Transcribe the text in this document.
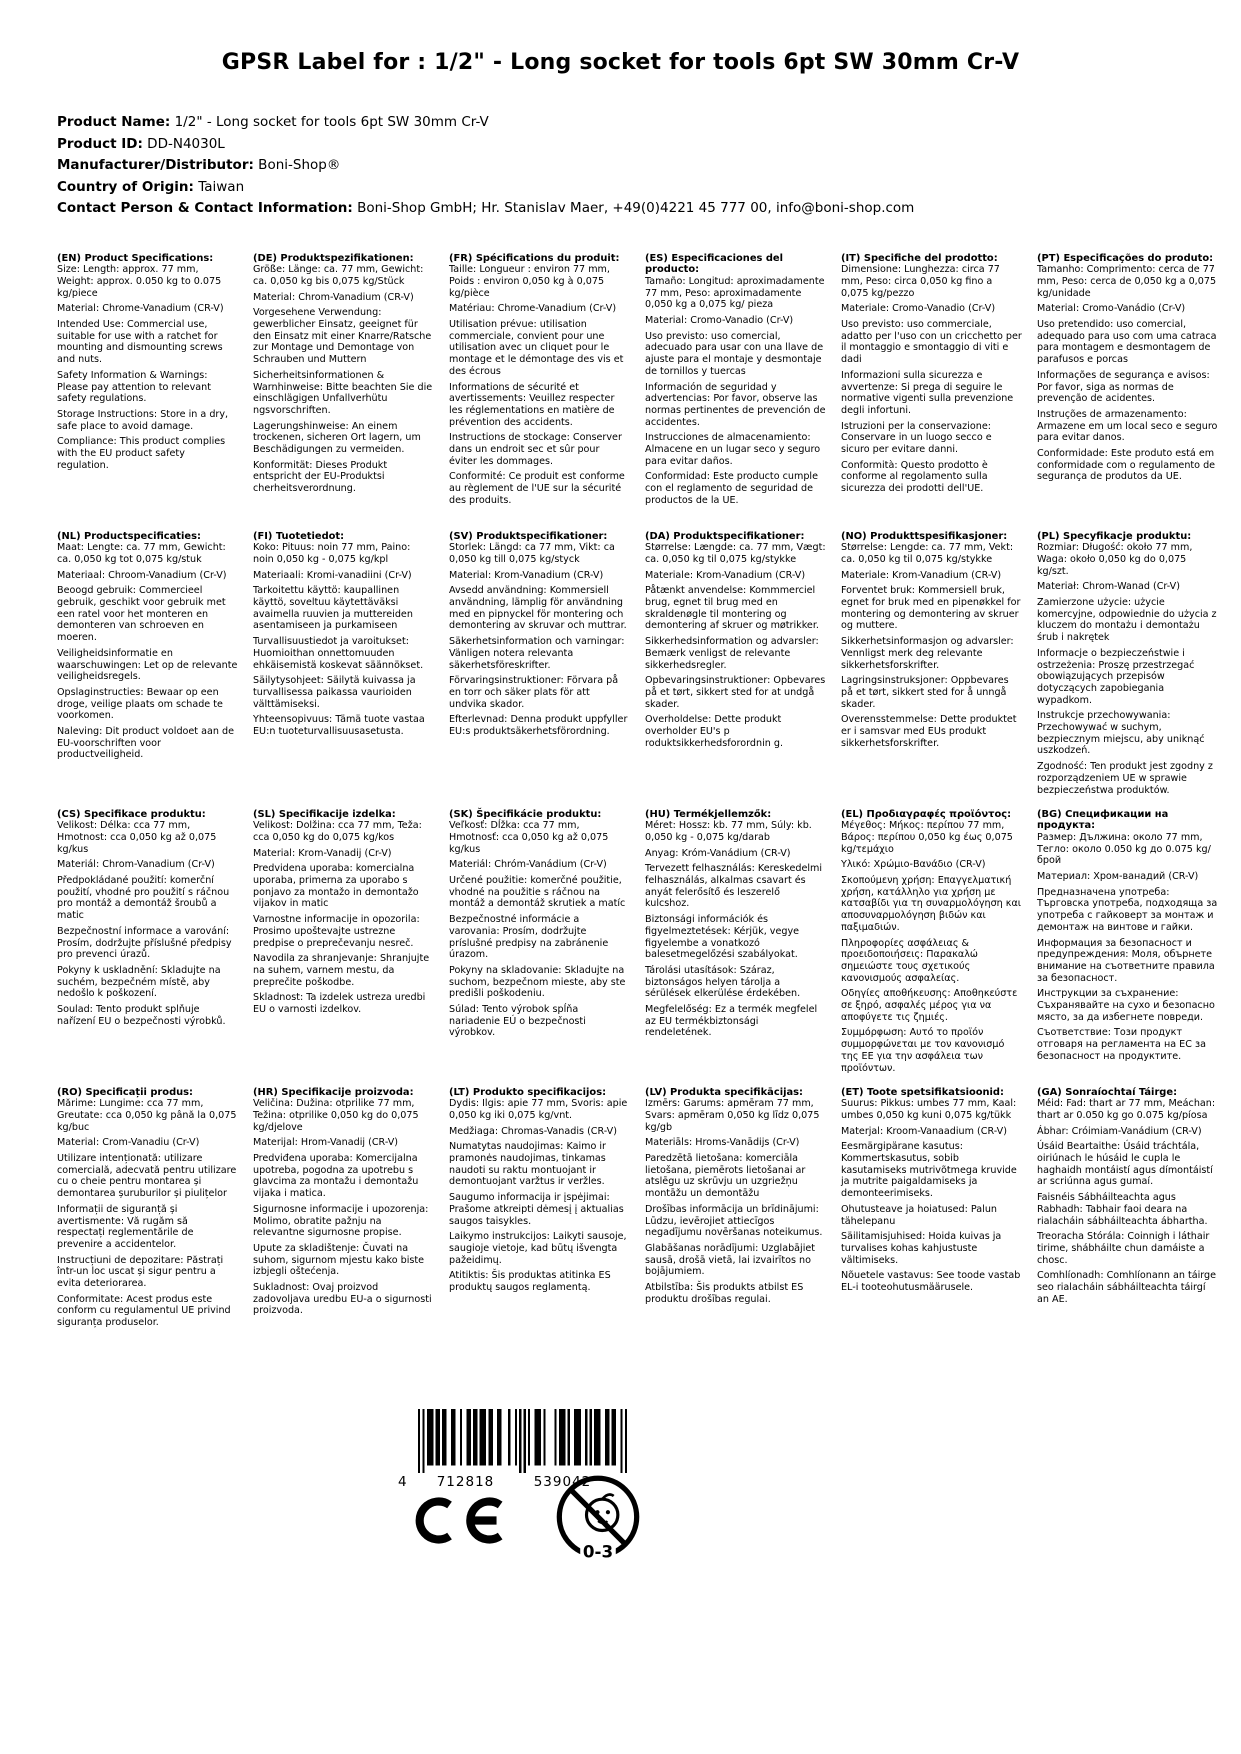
GPSR Label for : 1/2" - Long socket for tools 6pt SW 30mm Cr-V
Product Name: 1/2" - Long socket for tools 6pt SW 30mm Cr-V
Product ID: DD-N4030L
Manufacturer/Distributor: Boni-Shop®
Country of Origin: Taiwan
Contact Person & Contact Information: Boni-Shop GmbH; Hr. Stanislav Maer, +49(0)4221 45 777 00, info@boni-shop.com
(EN) Product Specifications:

Size: Length: approx. 77 mm, Weight: approx. 0.050 kg to 0.075 kg/piece

Material: Chrome-Vanadium (CR-V)

Intended Use: Commercial use, suitable for use with a ratchet for mounting and dismounting screws and nuts.

Safety Information & Warnings: Please pay attention to relevant safety regulations.

Storage Instructions: Store in a dry, safe place to avoid damage.

Compliance: This product complies with the EU product safety regulation.

(DE) Produktspezifikationen:

Größe: Länge: ca. 77 mm, Gewicht: ca. 0,050 kg bis 0,075 kg/Stück

Material: Chrom-Vanadium (CR-V)

Vorgesehene Verwendung: gewerblicher Einsatz, geeignet für den Einsatz mit einer Knarre/Ratsche zur Montage und Demontage von Schrauben und Muttern

Sicherheitsinformationen & Warnhinweise: Bitte beachten Sie die einschlägigen Unfallverhütu ngsvorschriften.

Lagerungshinweise: An einem trockenen, sicheren Ort lagern, um Beschädigungen zu vermeiden.

Konformität: Dieses Produkt entspricht der EU-Produktsi cherheitsverordnung.

(FR) Spécifications du produit:

Taille: Longueur : environ 77 mm, Poids : environ 0,050 kg à 0,075 kg/pièce

Matériau: Chrome-Vanadium (Cr-V)

Utilisation prévue: utilisation commerciale, convient pour une utilisation avec un cliquet pour le montage et le démontage des vis et des écrous

Informations de sécurité et avertissements: Veuillez respecter les réglementations en matière de prévention des accidents.

Instructions de stockage: Conserver dans un endroit sec et sûr pour éviter les dommages.

Conformité: Ce produit est conforme au règlement de l'UE sur la sécurité des produits.

(ES) Especificaciones del producto:

Tamaño: Longitud: aproximadamente 77 mm, Peso: aproximadamente 0,050 kg a 0,075 kg/ pieza

Material: Cromo-Vanadio (Cr-V)

Uso previsto: uso comercial, adecuado para usar con una llave de ajuste para el montaje y desmontaje de tornillos y tuercas

Información de seguridad y advertencias: Por favor, observe las normas pertinentes de prevención de accidentes.

Instrucciones de almacenamiento: Almacene en un lugar seco y seguro para evitar daños.

Conformidad: Este producto cumple con el reglamento de seguridad de productos de la UE.

(IT) Specifiche del prodotto:

Dimensione: Lunghezza: circa 77 mm, Peso: circa 0,050 kg fino a 0,075 kg/pezzo

Materiale: Cromo-Vanadio (Cr-V)

Uso previsto: uso commerciale, adatto per l'uso con un cricchetto per il montaggio e smontaggio di viti e dadi

Informazioni sulla sicurezza e avvertenze: Si prega di seguire le normative vigenti sulla prevenzione degli infortuni.

Istruzioni per la conservazione: Conservare in un luogo secco e sicuro per evitare danni.

Conformità: Questo prodotto è conforme al regolamento sulla sicurezza dei prodotti dell'UE.

(PT) Especificações do produto:

Tamanho: Comprimento: cerca de 77 mm, Peso: cerca de 0,050 kg a 0,075 kg/unidade

Material: Cromo-Vanádio (Cr-V)

Uso pretendido: uso comercial, adequado para uso com uma catraca para montagem e desmontagem de parafusos e porcas

Informações de segurança e avisos: Por favor, siga as normas de prevenção de acidentes.

Instruções de armazenamento: Armazene em um local seco e seguro para evitar danos.

Conformidade: Este produto está em conformidade com o regulamento de segurança de produtos da UE.

(NL) Productspecificaties:

Maat: Lengte: ca. 77 mm, Gewicht: ca. 0,050 kg tot 0,075 kg/stuk

Materiaal: Chroom-Vanadium (Cr-V)

Beoogd gebruik: Commercieel gebruik, geschikt voor gebruik met een ratel voor het monteren en demonteren van schroeven en moeren.

Veiligheidsinformatie en waarschuwingen: Let op de relevante veiligheidsregels.

Opslaginstructies: Bewaar op een droge, veilige plaats om schade te voorkomen.

Naleving: Dit product voldoet aan de EU-voorschriften voor productveiligheid.

(FI) Tuotetiedot:

Koko: Pituus: noin 77 mm, Paino: noin 0,050 kg - 0,075 kg/kpl

Materiaali: Kromi-vanadiini (Cr-V)

Tarkoitettu käyttö: kaupallinen käyttö, soveltuu käytettäväksi avaimella ruuvien ja muttereiden asentamiseen ja purkamiseen

Turvallisuustiedot ja varoitukset: Huomioithan onnettomuuden ehkäisemistä koskevat säännökset.

Säilytysohjeet: Säilytä kuivassa ja turvallisessa paikassa vaurioiden välttämiseksi.

Yhteensopivuus: Tämä tuote vastaa EU:n tuoteturvallisuusasetusta.

(SV) Produktspecifikationer:

Storlek: Längd: ca 77 mm, Vikt: ca 0,050 kg till 0,075 kg/styck

Material: Krom-Vanadium (CR-V)

Avsedd användning: Kommersiell användning, lämplig för användning med en pipnyckel för montering och demontering av skruvar och muttrar.

Säkerhetsinformation och varningar: Vänligen notera relevanta säkerhetsföreskrifter.

Förvaringsinstruktioner: Förvara på en torr och säker plats för att undvika skador.

Efterlevnad: Denna produkt uppfyller EU:s produktsäkerhetsförordning.

(DA) Produktspecifikationer:

Størrelse: Længde: ca. 77 mm, Vægt: ca. 0,050 kg til 0,075 kg/stykke

Materiale: Krom-Vanadium (CR-V)

Påtænkt anvendelse: Kommmerciel brug, egnet til brug med en skraldenøgle til montering og demontering af skruer og møtrikker.

Sikkerhedsinformation og advarsler: Bemærk venligst de relevante sikkerhedsregler.

Opbevaringsinstruktioner: Opbevares på et tørt, sikkert sted for at undgå skader.

Overholdelse: Dette produkt overholder EU's p roduktsikkerhedsforordnin g.

(NO) Produkttspesifikasjoner:

Størrelse: Lengde: ca. 77 mm, Vekt: ca. 0,050 kg til 0,075 kg/stykke

Materiale: Krom-Vanadium (CR-V)

Forventet bruk: Kommersiell bruk, egnet for bruk med en pipenøkkel for montering og demontering av skruer og muttere.

Sikkerhetsinformasjon og advarsler: Vennligst merk deg relevante sikkerhetsforskrifter.

Lagringsinstruksjoner: Oppbevares på et tørt, sikkert sted for å unngå skader.

Overensstemmelse: Dette produktet er i samsvar med EUs produkt sikkerhetsforskrifter.

(PL) Specyfikacje produktu:

Rozmiar: Długość: około 77 mm, Waga: około 0,050 kg do 0,075 kg/szt.

Materiał: Chrom-Wanad (Cr-V)

Zamierzone użycie: użycie komercyjne, odpowiednie do użycia z kluczem do montażu i demontażu śrub i nakrętek

Informacje o bezpieczeństwie i ostrzeżenia: Proszę przestrzegać obowiązujących przepisów dotyczących zapobiegania wypadkom.

Instrukcje przechowywania: Przechowywać w suchym, bezpiecznym miejscu, aby uniknąć uszkodzeń.

Zgodność: Ten produkt jest zgodny z rozporządzeniem UE w sprawie bezpieczeństwa produktów.

(CS) Specifikace produktu:

Velikost: Délka: cca 77 mm, Hmotnost: cca 0,050 kg až 0,075 kg/kus

Materiál: Chrom-Vanadium (Cr-V)

Předpokládané použití: komerční použití, vhodné pro použití s ráčnou pro montáž a demontáž šroubů a matic

Bezpečnostní informace a varování: Prosím, dodržujte příslušné předpisy pro prevenci úrazů.

Pokyny k uskladnění: Skladujte na suchém, bezpečném místě, aby nedošlo k poškození.

Soulad: Tento produkt splňuje nařízení EU o bezpečnosti výrobků.

(SL) Specifikacije izdelka:

Velikost: Dolžina: cca 77 mm, Teža: cca 0,050 kg do 0,075 kg/kos

Material: Krom-Vanadij (Cr-V)

Predvidena uporaba: komercialna uporaba, primerna za uporabo s ponjavo za montažo in demontažo vijakov in matic

Varnostne informacije in opozorila: Prosimo upoštevajte ustrezne predpise o preprečevanju nesreč.

Navodila za shranjevanje: Shranjujte na suhem, varnem mestu, da preprečite poškodbe.

Skladnost: Ta izdelek ustreza uredbi EU o varnosti izdelkov.

(SK) Špecifikácie produktu:

Veľkosť: Dĺžka: cca 77 mm, Hmotnosť: cca 0,050 kg až 0,075 kg/kus

Materiál: Chróm-Vanádium (Cr-V)

Určené použitie: komerčné použitie, vhodné na použitie s ráčnou na montáž a demontáž skrutiek a matíc

Bezpečnostné informácie a varovania: Prosím, dodržujte príslušné predpisy na zabránenie úrazom.

Pokyny na skladovanie: Skladujte na suchom, bezpečnom mieste, aby ste predišli poškodeniu.

Súlad: Tento výrobok spĺňa nariadenie EÚ o bezpečnosti výrobkov.

(HU) Termékjellemzők:

Méret: Hossz: kb. 77 mm, Súly: kb. 0,050 kg - 0,075 kg/darab

Anyag: Króm-Vanádium (CR-V)

Tervezett felhasználás: Kereskedelmi felhasználás, alkalmas csavart és anyát felerősítő és leszerelő kulcshoz.

Biztonsági információk és figyelmeztetések: Kérjük, vegye figyelembe a vonatkozó balesetmegelőzési szabályokat.

Tárolási utasítások: Száraz, biztonságos helyen tárolja a sérülések elkerülése érdekében.

Megfelelőség: Ez a termék megfelel az EU termékbiztonsági rendeletének.

(EL) Προδιαγραφές προϊόντος:

Μέγεθος: Μήκος: περίπου 77 mm, Βάρος: περίπου 0,050 kg έως 0,075 kg/τεμάχιο

Υλικό: Χρώμιο-Βανάδιο (CR-V)

Σκοπούμενη χρήση: Επαγγελματική χρήση, κατάλληλο για χρήση με κατσαβίδι για τη συναρμολόγηση και αποσυναρμολόγηση βιδών και παξιμαδιών.

Πληροφορίες ασφάλειας & προειδοποιήσεις: Παρακαλώ σημειώστε τους σχετικούς κανονισμούς ασφαλείας.

Οδηγίες αποθήκευσης: Αποθηκεύστε σε ξηρό, ασφαλές μέρος για να αποφύγετε τις ζημιές.

Συμμόρφωση: Αυτό το προϊόν συμμορφώνεται με τον κανονισμό της ΕΕ για την ασφάλεια των προϊόντων.

(BG) Спецификации на продукта:

Размер: Дължина: около 77 mm, Тегло: около 0.050 kg до 0.075 kg/брой

Материал: Хром-ванадий (CR-V)

Предназначена употреба: Търговска употреба, подходяща за употреба с гайковерт за монтаж и демонтаж на винтове и гайки.

Информация за безопасност и предупреждения: Моля, обърнете внимание на съответните правила за безопасност.

Инструкции за съхранение: Съхранявайте на сухо и безопасно място, за да избегнете повреди.

Съответствие: Този продукт отговаря на регламента на ЕС за безопасност на продуктите.

(RO) Specificații produs:

Mărime: Lungime: cca 77 mm, Greutate: cca 0,050 kg până la 0,075 kg/buc

Material: Crom-Vanadiu (Cr-V)

Utilizare intenționată: utilizare comercială, adecvată pentru utilizare cu o cheie pentru montarea și demontarea șuruburilor și piulițelor

Informații de siguranță și avertismente: Vă rugăm să respectați reglementările de prevenire a accidentelor.

Instrucțiuni de depozitare: Păstrați într-un loc uscat și sigur pentru a evita deteriorarea.

Conformitate: Acest produs este conform cu regulamentul UE privind siguranța produselor.

(HR) Specifikacije proizvoda:

Veličina: Dužina: otprilike 77 mm, Težina: otprilike 0,050 kg do 0,075 kg/djelove

Materijal: Hrom-Vanadij (CR-V)

Predviđena uporaba: Komercijalna upotreba, pogodna za upotrebu s glavcima za montažu i demontažu vijaka i matica.

Sigurnosne informacije i upozorenja: Molimo, obratite pažnju na relevantne sigurnosne propise.

Upute za skladištenje: Čuvati na suhom, sigurnom mjestu kako biste izbjegli oštećenja.

Sukladnost: Ovaj proizvod zadovoljava uredbu EU-a o sigurnosti proizvoda.

(LT) Produkto specifikacijos:

Dydis: Ilgis: apie 77 mm, Svoris: apie 0,050 kg iki 0,075 kg/vnt.

Medžiaga: Chromas-Vanadis (CR-V)

Numatytas naudojimas: Kaimo ir pramonės naudojimas, tinkamas naudoti su raktu montuojant ir demontuojant varžtus ir veržles.

Saugumo informacija ir įspėjimai: Prašome atkreipti dėmesį į aktualias saugos taisykles.

Laikymo instrukcijos: Laikyti sausoje, saugioje vietoje, kad būtų išvengta pažeidimų.

Atitiktis: Šis produktas atitinka ES produktų saugos reglamentą.

(LV) Produkta specifikācijas:

Izmērs: Garums: apmēram 77 mm, Svars: apmēram 0,050 kg līdz 0,075 kg/gb

Materiāls: Hroms-Vanādijs (Cr-V)

Paredzētā lietošana: komerciāla lietošana, piemērots lietošanai ar atslēgu uz skrūvju un uzgriežņu montāžu un demontāžu

Drošības informācija un brīdinājumi: Lūdzu, ievērojiet attiecīgos negadījumu novēršanas noteikumus.

Glabāšanas norādījumi: Uzglabājiet sausā, drošā vietā, lai izvairītos no bojājumiem.

Atbilstība: Šis produkts atbilst ES produktu drošības regulai.

(ET) Toote spetsifikatsioonid:

Suurus: Pikkus: umbes 77 mm, Kaal: umbes 0,050 kg kuni 0,075 kg/tükk

Materjal: Kroom-Vanaadium (CR-V)

Eesmärgipärane kasutus: Kommertskasutus, sobib kasutamiseks mutrivõtmega kruvide ja mutrite paigaldamiseks ja demonteerimiseks.

Ohutusteave ja hoiatused: Palun tähelepanu

Säilitamisjuhised: Hoida kuivas ja turvalises kohas kahjustuste vältimiseks.

Nõuetele vastavus: See toode vastab EL-i tooteohutusmäärusele.

(GA) Sonraíochtaí Táirge:

Méid: Fad: thart ar 77 mm, Meáchan: thart ar 0.050 kg go 0.075 kg/píosa

Ábhar: Cróimiam-Vanádium (CR-V)

Úsáid Beartaithe: Úsáid tráchtála, oiriúnach le húsáid le cupla le haghaidh montáistí agus dímontáistí ar scriúnna agus gumaí.

Faisnéis Sábháilteachta agus Rabhadh: Tabhair faoi deara na rialacháin sábháilteachta ábhartha.

Treoracha Stórála: Coinnigh i láthair tirime, shábháilte chun damáiste a chosc.

Comhlíonadh: Comhlíonann an táirge seo rialacháin sábháilteachta táirgí an AE.

4	712818	539042
0-3
